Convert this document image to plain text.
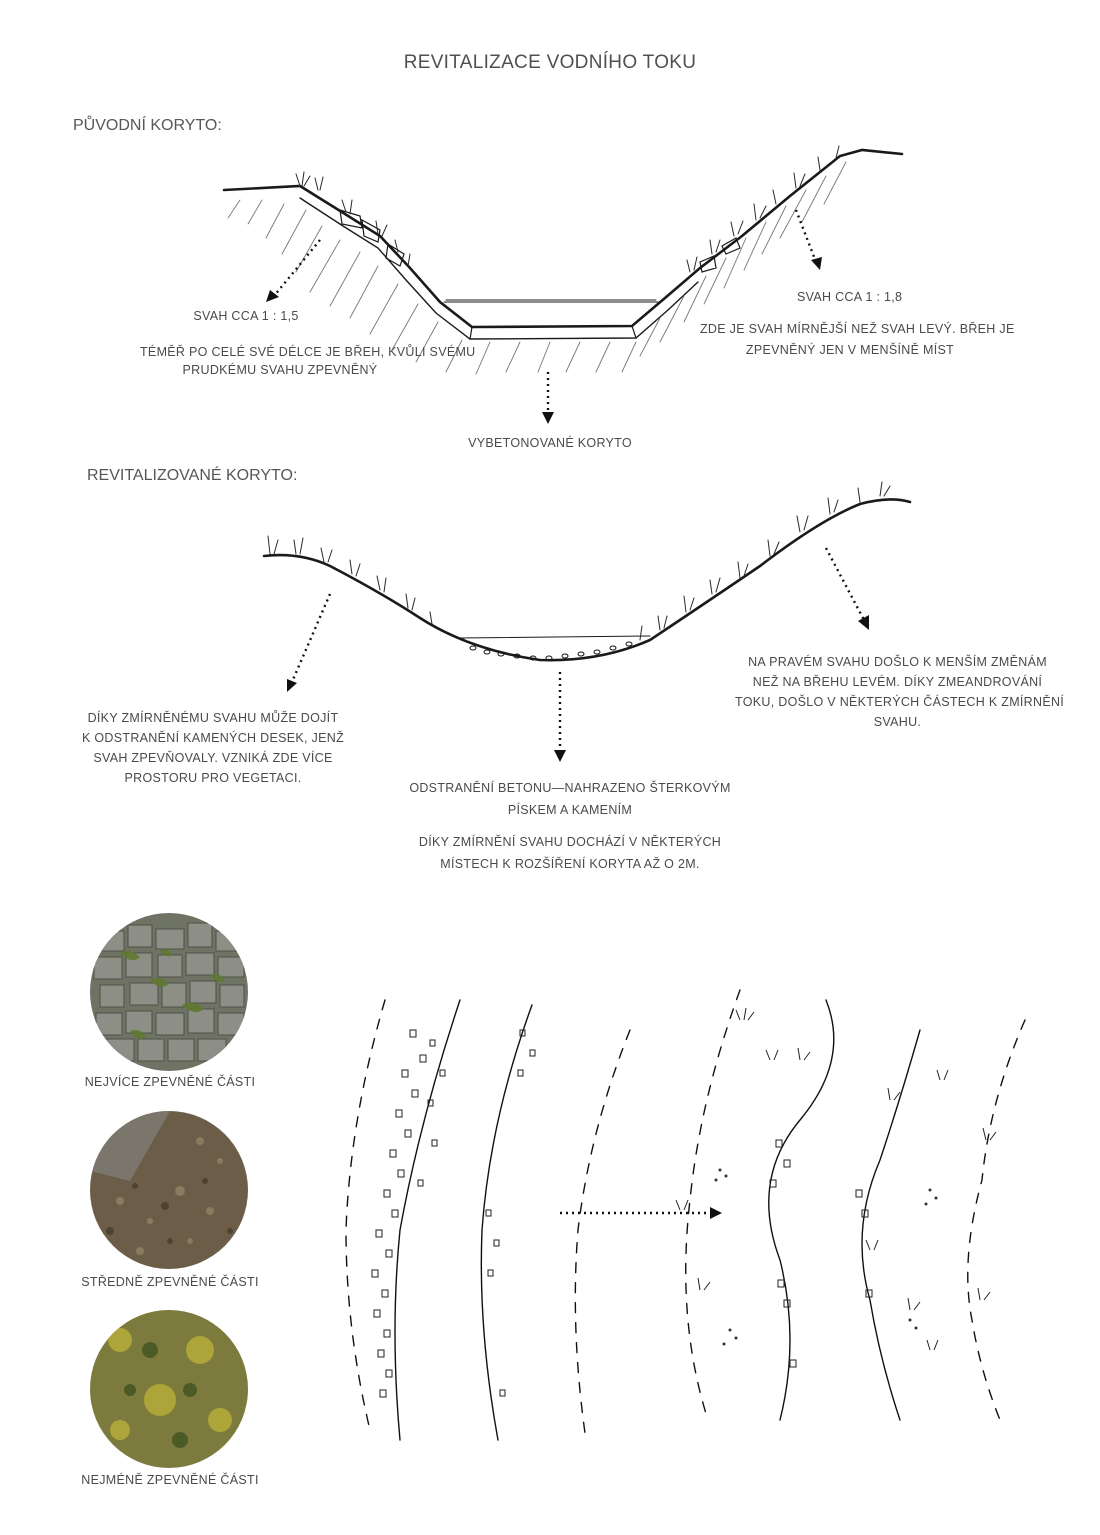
REVITALIZACE VODNÍHO TOKU
PŮVODNÍ KORYTO:
REVITALIZOVANÉ KORYTO:
SVAH CCA 1 : 1,5
TÉMĚŘ PO CELÉ SVÉ DÉLCE JE BŘEH, KVŮLI SVÉMU
PRUDKÉMU SVAHU ZPEVNĚNÝ
SVAH CCA 1 : 1,8
ZDE JE SVAH MÍRNĚJŠÍ NEŽ SVAH LEVÝ. BŘEH JE
ZPEVNĚNÝ JEN V MENŠÍNĚ MÍST
VYBETONOVANÉ KORYTO
DÍKY ZMÍRNĚNÉMU SVAHU MŮŽE DOJÍT
K ODSTRANĚNÍ KAMENÝCH DESEK, JENŽ
SVAH ZPEVŇOVALY. VZNIKÁ ZDE VÍCE
PROSTORU PRO VEGETACI.
NA PRAVÉM SVAHU DOŠLO K MENŠÍM ZMĚNÁM
NEŽ NA BŘEHU LEVÉM. DÍKY ZMEANDROVÁNÍ
TOKU, DOŠLO V NĚKTERÝCH ČÁSTECH K ZMÍRNĚNÍ
SVAHU.
ODSTRANĚNÍ BETONU—NAHRAZENO ŠTERKOVÝM
PÍSKEM A KAMENÍM
DÍKY ZMÍRNĚNÍ SVAHU DOCHÁZÍ V NĚKTERÝCH
MÍSTECH K ROZŠÍŘENÍ KORYTA AŽ O 2M.
NEJVÍCE ZPEVNĚNÉ ČÁSTI
STŘEDNĚ ZPEVNĚNÉ ČÁSTI
NEJMÉNĚ ZPEVNĚNÉ ČÁSTI
